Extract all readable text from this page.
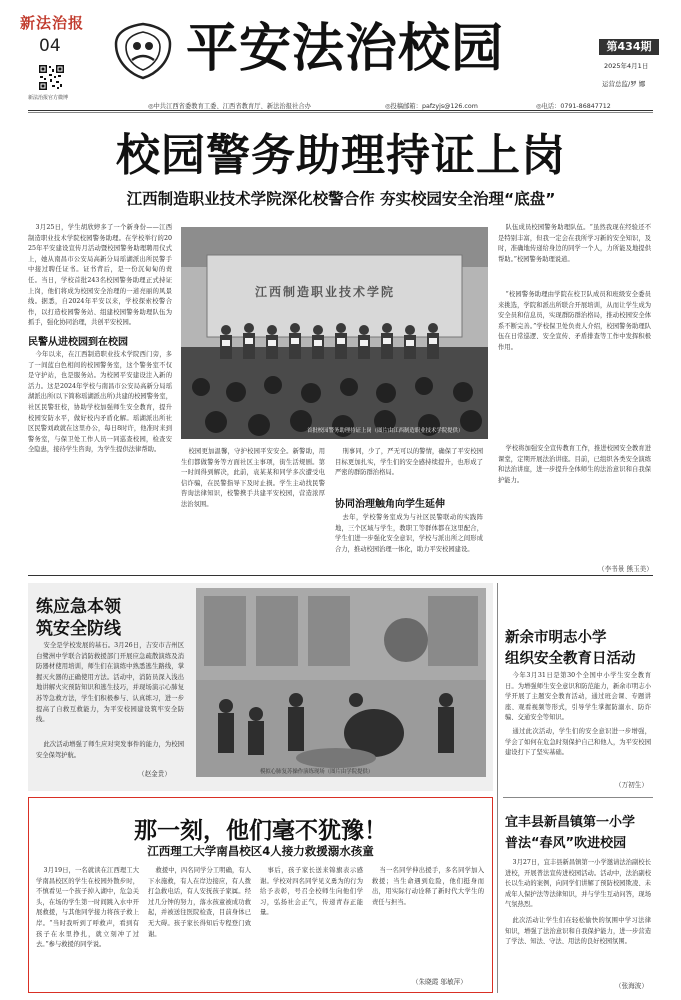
新法治报
04
新法治报官方微博
平安法治校园	第434期
2025年4月1日
运营总监/罗 娜
◎中共江西省委教育工委、江西省教育厅、新法治报社合办	◎投稿邮箱：pafzyjs@126.com	◎电话：0791-86847712
校园警务助理持证上岗
江西制造职业技术学院深化校警合作 夯实校园安全治理“底盘”
3月25日，学生胡欣婷多了一个新身份——江西制造职业技术学院校园警务助理。在学校举行的2025年平安建设宣传月活动暨校园警务助理聘用仪式上，她从南昌市公安局高新分局瑶湖派出所民警手中接过聘任证书。证书背后，是一份沉甸甸的责任。当日，学校首批243名校园警务助理正式持证上岗，他们将成为校园安全治理的一道亮丽的风景线。据悉，自2024年平安以来，学校探索校警合作，以打造校园警务站、组建校园警务助理队伍为抓手，强化协同治理，共创平安校园。
民警从进校园到在校园
今年以来，在江西制造职业技术学院西门旁，多了一间蓝白色相间的校园警务室，这个警务室不仅是守护站，也是服务站。为校园平安建设注入新的活力。这是2024年学校与南昌市公安局高新分局瑶湖派出所(以下简称瑶湖派出所)共建的校园警务室，社区民警驻校，协助学校加强师生安全教育，提升校园安防水平，做好校内矛盾化解。瑶湖派出所社区民警刘政就在这里办公，每日8时许，他准时来到警务室，与保卫处工作人员一同巡查校园，检查安全隐患，接待学生咨询，为学生提供法律帮助。
江西制造职业技术学院
首批校园警务助理持证上岗（图片由江西制造职业技术学院提供）
校园更加温馨，守护校园平安安全。新警助，用生们都做警务等方面社区主事项，街生活规剧。第一时间得到解决，此前，袁某某和同学多次遭受电信诈骗，在民警指导下及时止损。学生主动找民警咨询法律知识，校警携手共建平安校园，营造浓厚法治氛围。
刑事同，少了，严无可以的警情，确保了平安校园目标更加扎实，学生们的安全感持续提升，也形成了严密的群防群治格局。
协同治理触角向学生延伸
去年，学校警务室成为与社区民警联动的实践阵地，三个区域与学生，教职工等群体都在这里配合，学生们进一步强化安全意识，学校与派出所之间形成合力，推动校园治理一体化，助力平安校园建设。
队伍成员校园警务助理队伍。“虽然我现在经验还不是特别丰富，但我一定会在我所学习新的安全知识，及时，准确地传递给身边的同学一个人，力所能及地提供帮助。”校园警务助理说道。
“校园警务助理由学院在校卫队成员和班级安全委员来挑选，学院和派出所联合开展培训，从而让学生成为安全员和信息员，实现群防群治格局，推动校园安全体系不断完善。”学校保卫处负责人介绍，校园警务助理队伍在日常巡逻、安全宣传、矛盾排查等工作中发挥积极作用。
学校将加强安全宣传教育工作，推进校园安全教育进课堂，定期开展法治讲座。目前，已组织各类安全演练和法治讲座，进一步提升全体师生的法治意识和自我保护能力。
（李书景 熊玉美）
练应急本领
筑安全防线
安全是学校发展的基石。3月26日，吉安市吉州区白鹭洲中学联合消防救援部门开展应急疏散演练及消防器材使用培训，师生们在演练中熟悉逃生路线，掌握灭火器的正确使用方法。活动中，消防员深入浅出地讲解火灾预防知识和逃生技巧，并现场演示心肺复苏等急救方法，学生们积极参与、认真练习，进一步提高了自救互救能力，为平安校园建设筑牢安全防线。
此次活动增强了师生应对突发事件的能力，为校园安全保驾护航。
（赵金贵）	模拟心肺复苏操作演练现场（图片由学院提供）
那一刻，他们毫不犹豫！
江西理工大学南昌校区4人接力救援溺水孩童
3月19日，一名就读在江西理工大学南昌校区的学生在校园外散步时，不慎看见一个孩子掉入湖中，危急关头，在场的学生第一时间跳入水中开展救援，与其他同学接力将孩子救上岸。“当时我听到了呼救声，看到有孩子在水里挣扎，就立刻冲了过去。”参与救援的同学说。
救援中，四名同学分工明确，有人下水施救，有人在岸边接应，有人拨打急救电话，有人安抚孩子家属。经过几分钟的努力，落水孩童被成功救起，并被送往医院检查，目前身体已无大碍。孩子家长得知后专程登门致谢。
事后，孩子家长送来锦旗表示感谢。学校对四名同学见义勇为的行为给予表彰，号召全校师生向他们学习，弘扬社会正气，传递青春正能量。
当一名同学伸出援手，多名同学加入救援；当生命遇到危险，他们挺身而出，用实际行动诠释了新时代大学生的责任与担当。
（朱晓霞 邬敏萍）
新余市明志小学
组织安全教育日活动
今年3月31日是第30个全国中小学生安全教育日。为增强师生安全意识和防范能力，新余市明志小学开展了主题安全教育活动，通过班会课、专题讲座、观看视频等形式，引导学生掌握防溺水、防诈骗、交通安全等知识。
通过此次活动，学生们的安全意识进一步增强，学会了如何在危急时刻保护自己和他人，为平安校园建设打下了坚实基础。
（万初生）
宜丰县新昌镇第一小学
普法“春风”吹进校园
3月27日，宜丰县新昌镇第一小学邀请法治副校长进校，开展普法宣传进校园活动。活动中，法治副校长以生动的案例，向同学们讲解了预防校园欺凌、未成年人保护法等法律知识，并与学生互动问答，现场气氛热烈。
此次活动让学生们在轻松愉快的氛围中学习法律知识，增强了法治意识和自我保护能力，进一步营造了学法、知法、守法、用法的良好校园氛围。
（张海波）
